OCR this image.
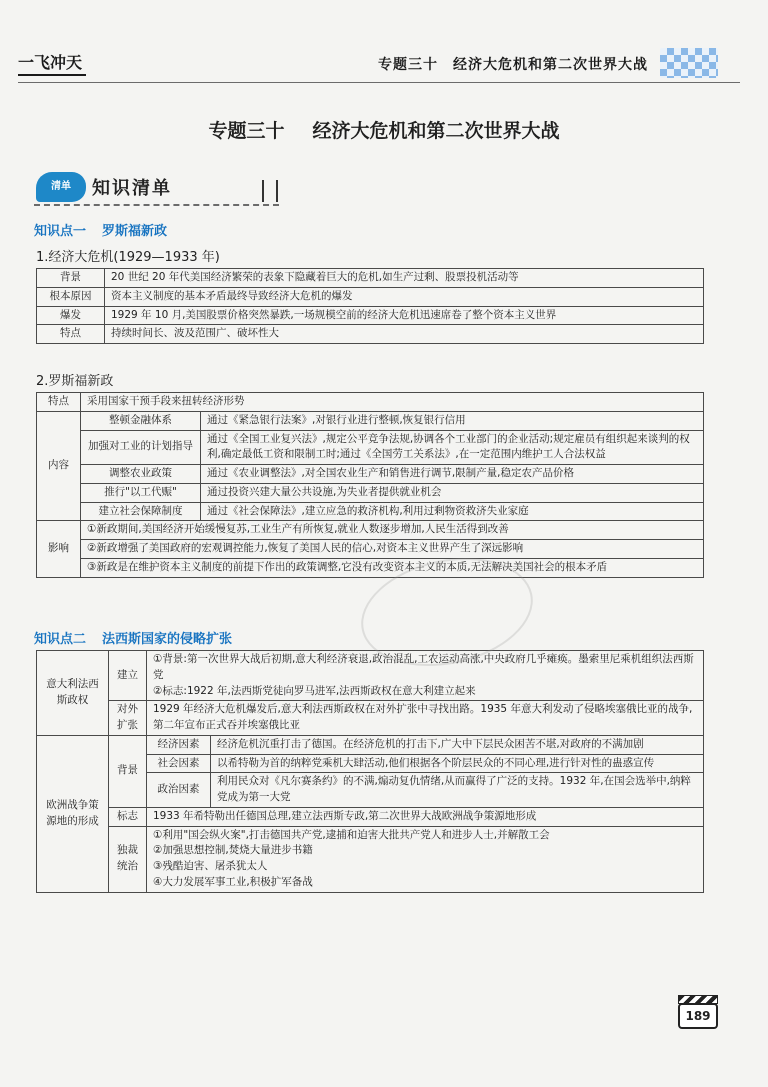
一飞冲天	专题三十　经济大危机和第二次世界大战
专题三十 经济大危机和第二次世界大战
清单	知识清单
知识点一 罗斯福新政
1.经济大危机(1929—1933 年)
背景	20 世纪 20 年代美国经济繁荣的表象下隐藏着巨大的危机,如生产过剩、股票投机活动等
根本原因	资本主义制度的基本矛盾最终导致经济大危机的爆发
爆发	1929 年 10 月,美国股票价格突然暴跌,一场规模空前的经济大危机迅速席卷了整个资本主义世界
特点	持续时间长、波及范围广、破坏性大
2.罗斯福新政
特点	采用国家干预手段来扭转经济形势	
内容	整顿金融体系	通过《紧急银行法案》,对银行业进行整顿,恢复银行信用
	加强对工业的计划指导	通过《全国工业复兴法》,规定公平竞争法规,协调各个工业部门的企业活动;规定雇员有组织起来谈判的权利,确定最低工资和限制工时;通过《全国劳工关系法》,在一定范围内维护工人合法权益
	调整农业政策	通过《农业调整法》,对全国农业生产和销售进行调节,限制产量,稳定农产品价格
	推行"以工代赈"	通过投资兴建大量公共设施,为失业者提供就业机会
	建立社会保障制度	通过《社会保障法》,建立应急的救济机构,利用过剩物资救济失业家庭
影响	①新政期间,美国经济开始缓慢复苏,工业生产有所恢复,就业人数逐步增加,人民生活得到改善	
	②新政增强了美国政府的宏观调控能力,恢复了美国人民的信心,对资本主义世界产生了深远影响	
	③新政是在维护资本主义制度的前提下作出的政策调整,它没有改变资本主义的本质,无法解决美国社会的根本矛盾	
知识点二 法西斯国家的侵略扩张
意大利法西斯政权	建立	①背景:第一次世界大战后初期,意大利经济衰退,政治混乱,工农运动高涨,中央政府几乎瘫痪。墨索里尼乘机组织法西斯党
②标志:1922 年,法西斯党徒向罗马进军,法西斯政权在意大利建立起来	

	对外扩张	1929 年经济大危机爆发后,意大利法西斯政权在对外扩张中寻找出路。1935 年意大利发动了侵略埃塞俄比亚的战争,第二年宣布正式吞并埃塞俄比亚	
欧洲战争策源地的形成	背景	经济因素	经济危机沉重打击了德国。在经济危机的打击下,广大中下层民众困苦不堪,对政府的不满加剧
		社会因素	以希特勒为首的纳粹党乘机大肆活动,他们根据各个阶层民众的不同心理,进行针对性的蛊惑宣传
		政治因素	利用民众对《凡尔赛条约》的不满,煽动复仇情绪,从而赢得了广泛的支持。1932 年,在国会选举中,纳粹党成为第一大党
	标志	1933 年希特勒出任德国总理,建立法西斯专政,第二次世界大战欧洲战争策源地形成	
	独裁统治	①利用"国会纵火案",打击德国共产党,逮捕和迫害大批共产党人和进步人士,并解散工会
②加强思想控制,焚烧大量进步书籍
③残酷迫害、屠杀犹太人
④大力发展军事工业,积极扩军备战	
189
